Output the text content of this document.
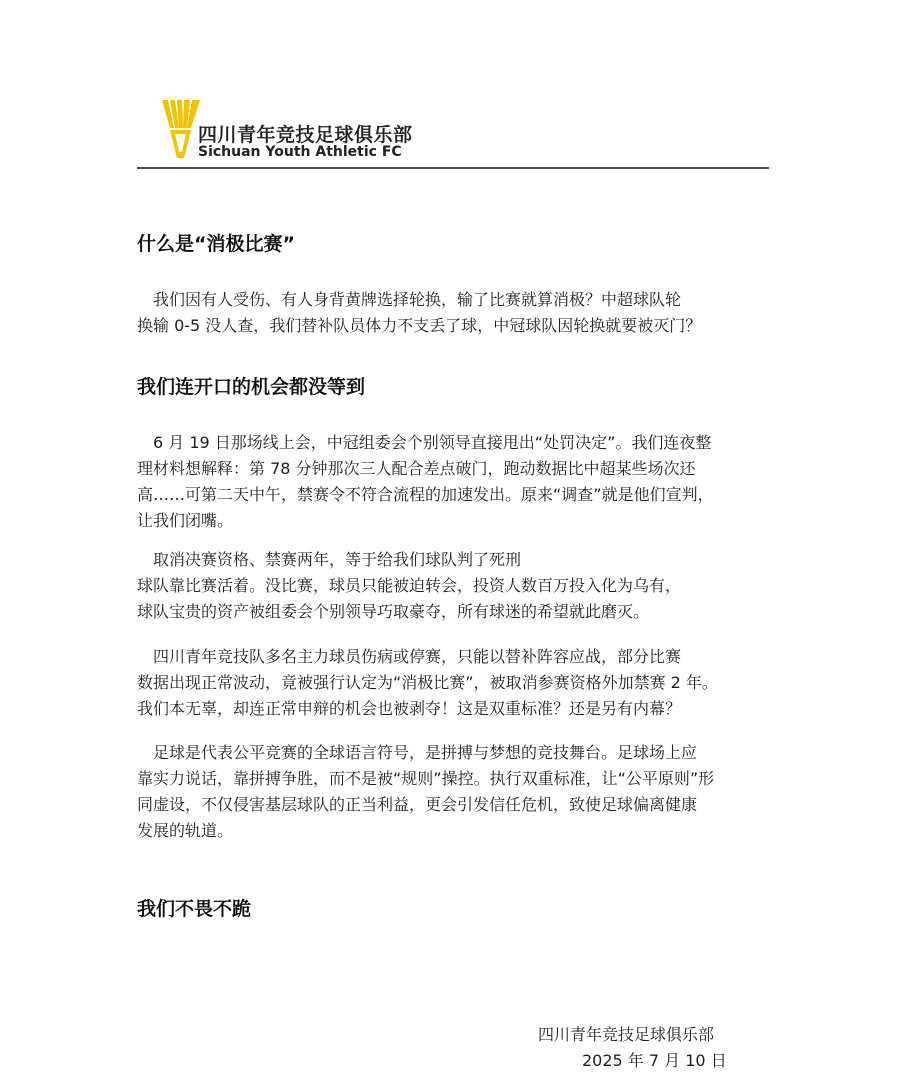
四川青年竞技足球俱乐部
Sichuan Youth Athletic FC
什么是“消极比赛”

　我们因有人受伤、有人身背黄牌选择轮换，输了比赛就算消极？中超球队轮
换输 0-5 没人查，我们替补队员体力不支丢了球，中冠球队因轮换就要被灭门？

我们连开口的机会都没等到

　6 月 19 日那场线上会，中冠组委会个别领导直接甩出“处罚决定”。我们连夜整
理材料想解释：第 78 分钟那次三人配合差点破门，跑动数据比中超某些场次还
高……可第二天中午，禁赛令不符合流程的加速发出。原来“调查”就是他们宣判，
让我们闭嘴。

　取消决赛资格、禁赛两年，等于给我们球队判了死刑
球队靠比赛活着。没比赛，球员只能被迫转会，投资人数百万投入化为乌有，
球队宝贵的资产被组委会个别领导巧取豪夺，所有球迷的希望就此磨灭。

　四川青年竞技队多名主力球员伤病或停赛，只能以替补阵容应战，部分比赛
数据出现正常波动，竟被强行认定为“消极比赛”，被取消参赛资格外加禁赛 2 年。
我们本无辜，却连正常申辩的机会也被剥夺！这是双重标准？还是另有内幕？

　足球是代表公平竞赛的全球语言符号，是拼搏与梦想的竞技舞台。足球场上应
靠实力说话，靠拼搏争胜，而不是被“规则”操控。执行双重标准，让“公平原则”形
同虚设，不仅侵害基层球队的正当利益，更会引发信任危机，致使足球偏离健康
发展的轨道。

我们不畏不跪
四川青年竞技足球俱乐部
2025 年 7 月 10 日
